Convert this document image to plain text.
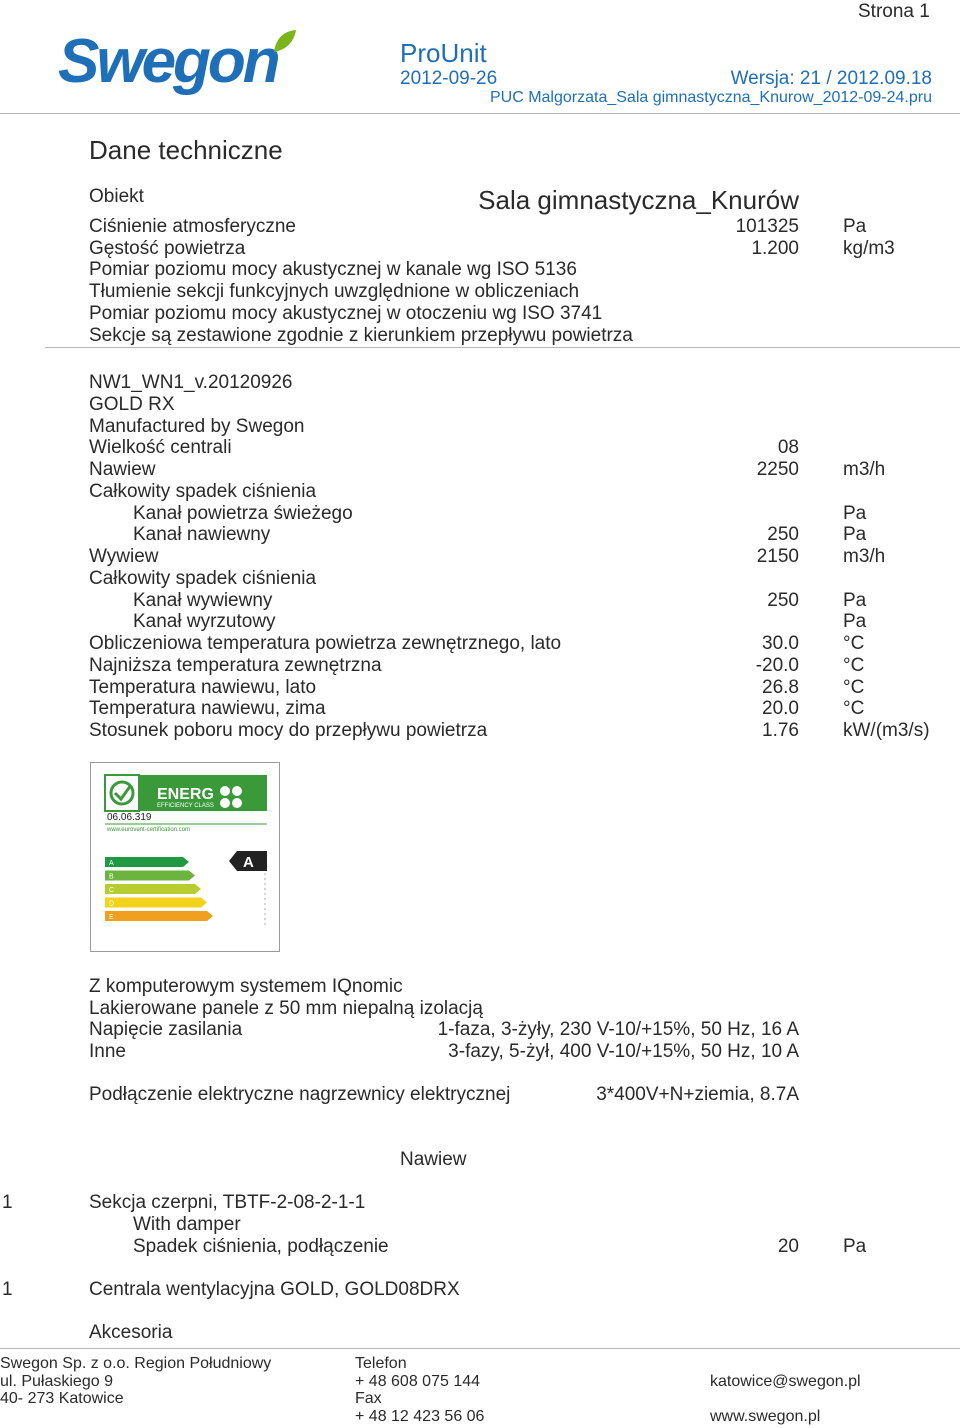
Strona 1
Swegon	ProUnit
2012-09-26	Wersja: 21 / 2012.09.18
PUC Malgorzata_Sala gimnastyczna_Knurow_2012-09-24.pru
Dane techniczne
Obiekt	Sala gimnastyczna_Knurów
Ciśnienie atmosferyczne	101325 Pa
Gęstość powietrza	1.200 kg/m3
Pomiar poziomu mocy akustycznej w kanale wg ISO 5136
Tłumienie sekcji funkcyjnych uwzględnione w obliczeniach
Pomiar poziomu mocy akustycznej w otoczeniu wg ISO 3741
Sekcje są zestawione zgodnie z kierunkiem przepływu powietrza
NW1_WN1_v.20120926
GOLD RX
Manufactured by Swegon
Wielkość centrali	08
Nawiew	2250 m3/h
Całkowity spadek ciśnienia
Kanał powietrza świeżego	Pa
Kanał nawiewny	250 Pa
Wywiew	2150 m3/h
Całkowity spadek ciśnienia
Kanał wywiewny	250 Pa
Kanał wyrzutowy	Pa
Obliczeniowa temperatura powietrza zewnętrznego, lato	30.0 °C
Najniższa temperatura zewnętrzna	-20.0 °C
Temperatura nawiewu, lato	26.8 °C
Temperatura nawiewu, zima	20.0 °C
Stosunek poboru mocy do przepływu powietrza	1.76 kW/(m3/s)
ENERG
EFFICIENCY CLASS
06.06.319
www.eurovent-certification.com
A
B
C
D
E
A
Z komputerowym systemem IQnomic
Lakierowane panele z 50 mm niepalną izolacją
Napięcie zasilania	1-faza, 3-żyły, 230 V-10/+15%, 50 Hz, 16 A
Inne	3-fazy, 5-żył, 400 V-10/+15%, 50 Hz, 10 A
Podłączenie elektryczne nagrzewnicy elektrycznej	3*400V+N+ziemia, 8.7A
Nawiew
1	Sekcja czerpni, TBTF-2-08-2-1-1
With damper
Spadek ciśnienia, podłączenie	20 Pa
1	Centrala wentylacyjna GOLD, GOLD08DRX
Akcesoria
Swegon Sp. z o.o. Region Południowy
ul. Pułaskiego 9
40- 273 Katowice
Telefon
+ 48 608 075 144
Fax
+ 48 12 423 56 06
katowice@swegon.pl
www.swegon.pl
